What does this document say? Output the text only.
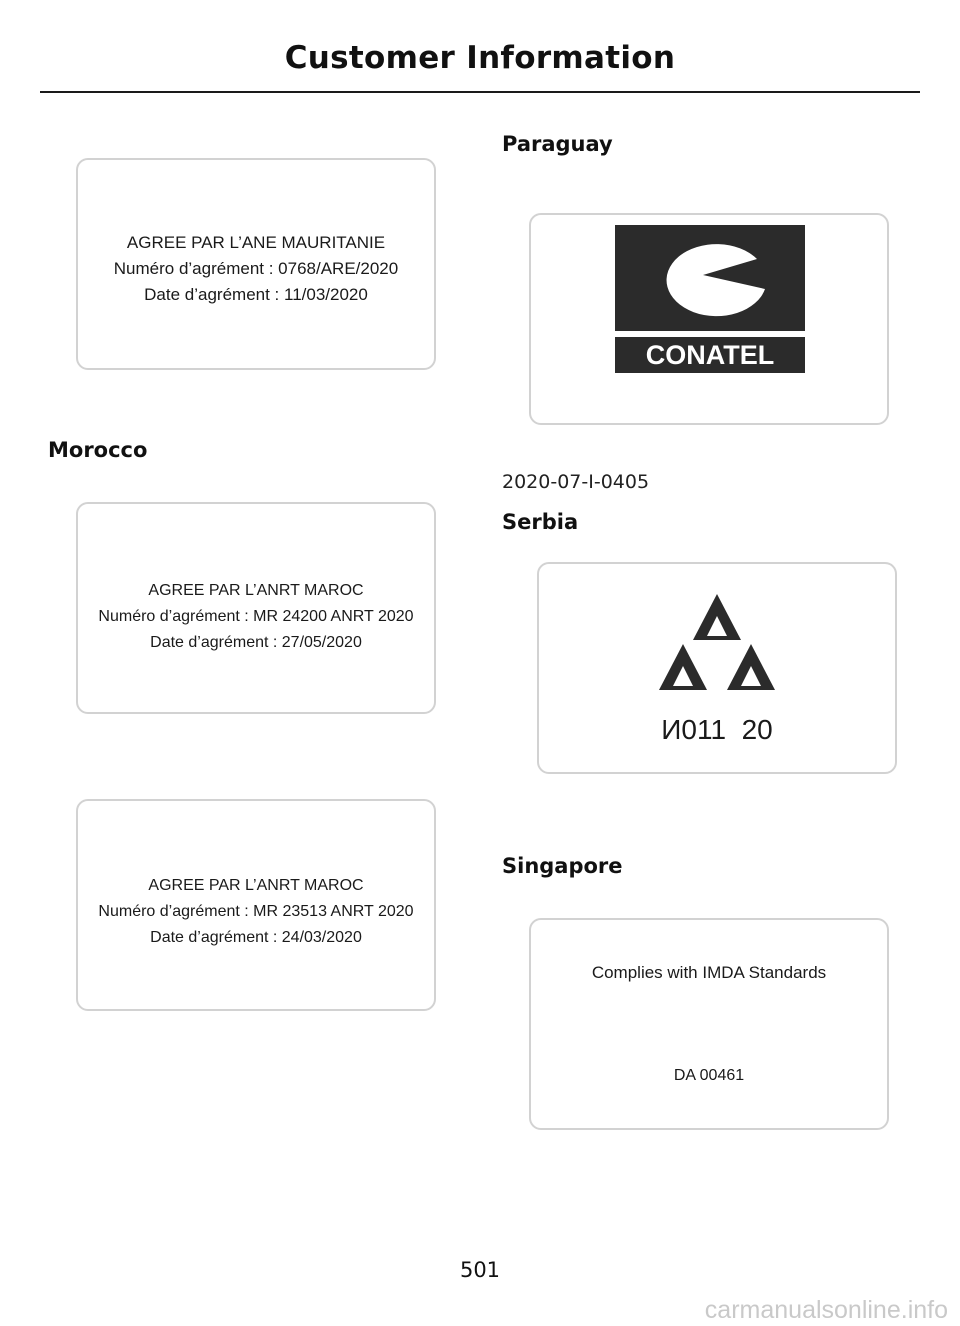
Customer Information
AGREE PAR L’ANE MAURITANIE
Numéro d’agrément : 0768/ARE/2020
Date d’agrément : 11/03/2020
Morocco
AGREE PAR L’ANRT MAROC
Numéro d’agrément : MR 24200 ANRT 2020
Date d’agrément : 27/05/2020
AGREE PAR L’ANRT MAROC
Numéro d’agrément : MR 23513 ANRT 2020
Date d’agrément : 24/03/2020
Paraguay
CONATEL
2020-07-I-0405
Serbia
И011  20
Singapore
Complies with IMDA Standards
DA 00461
501
carmanualsonline.info
